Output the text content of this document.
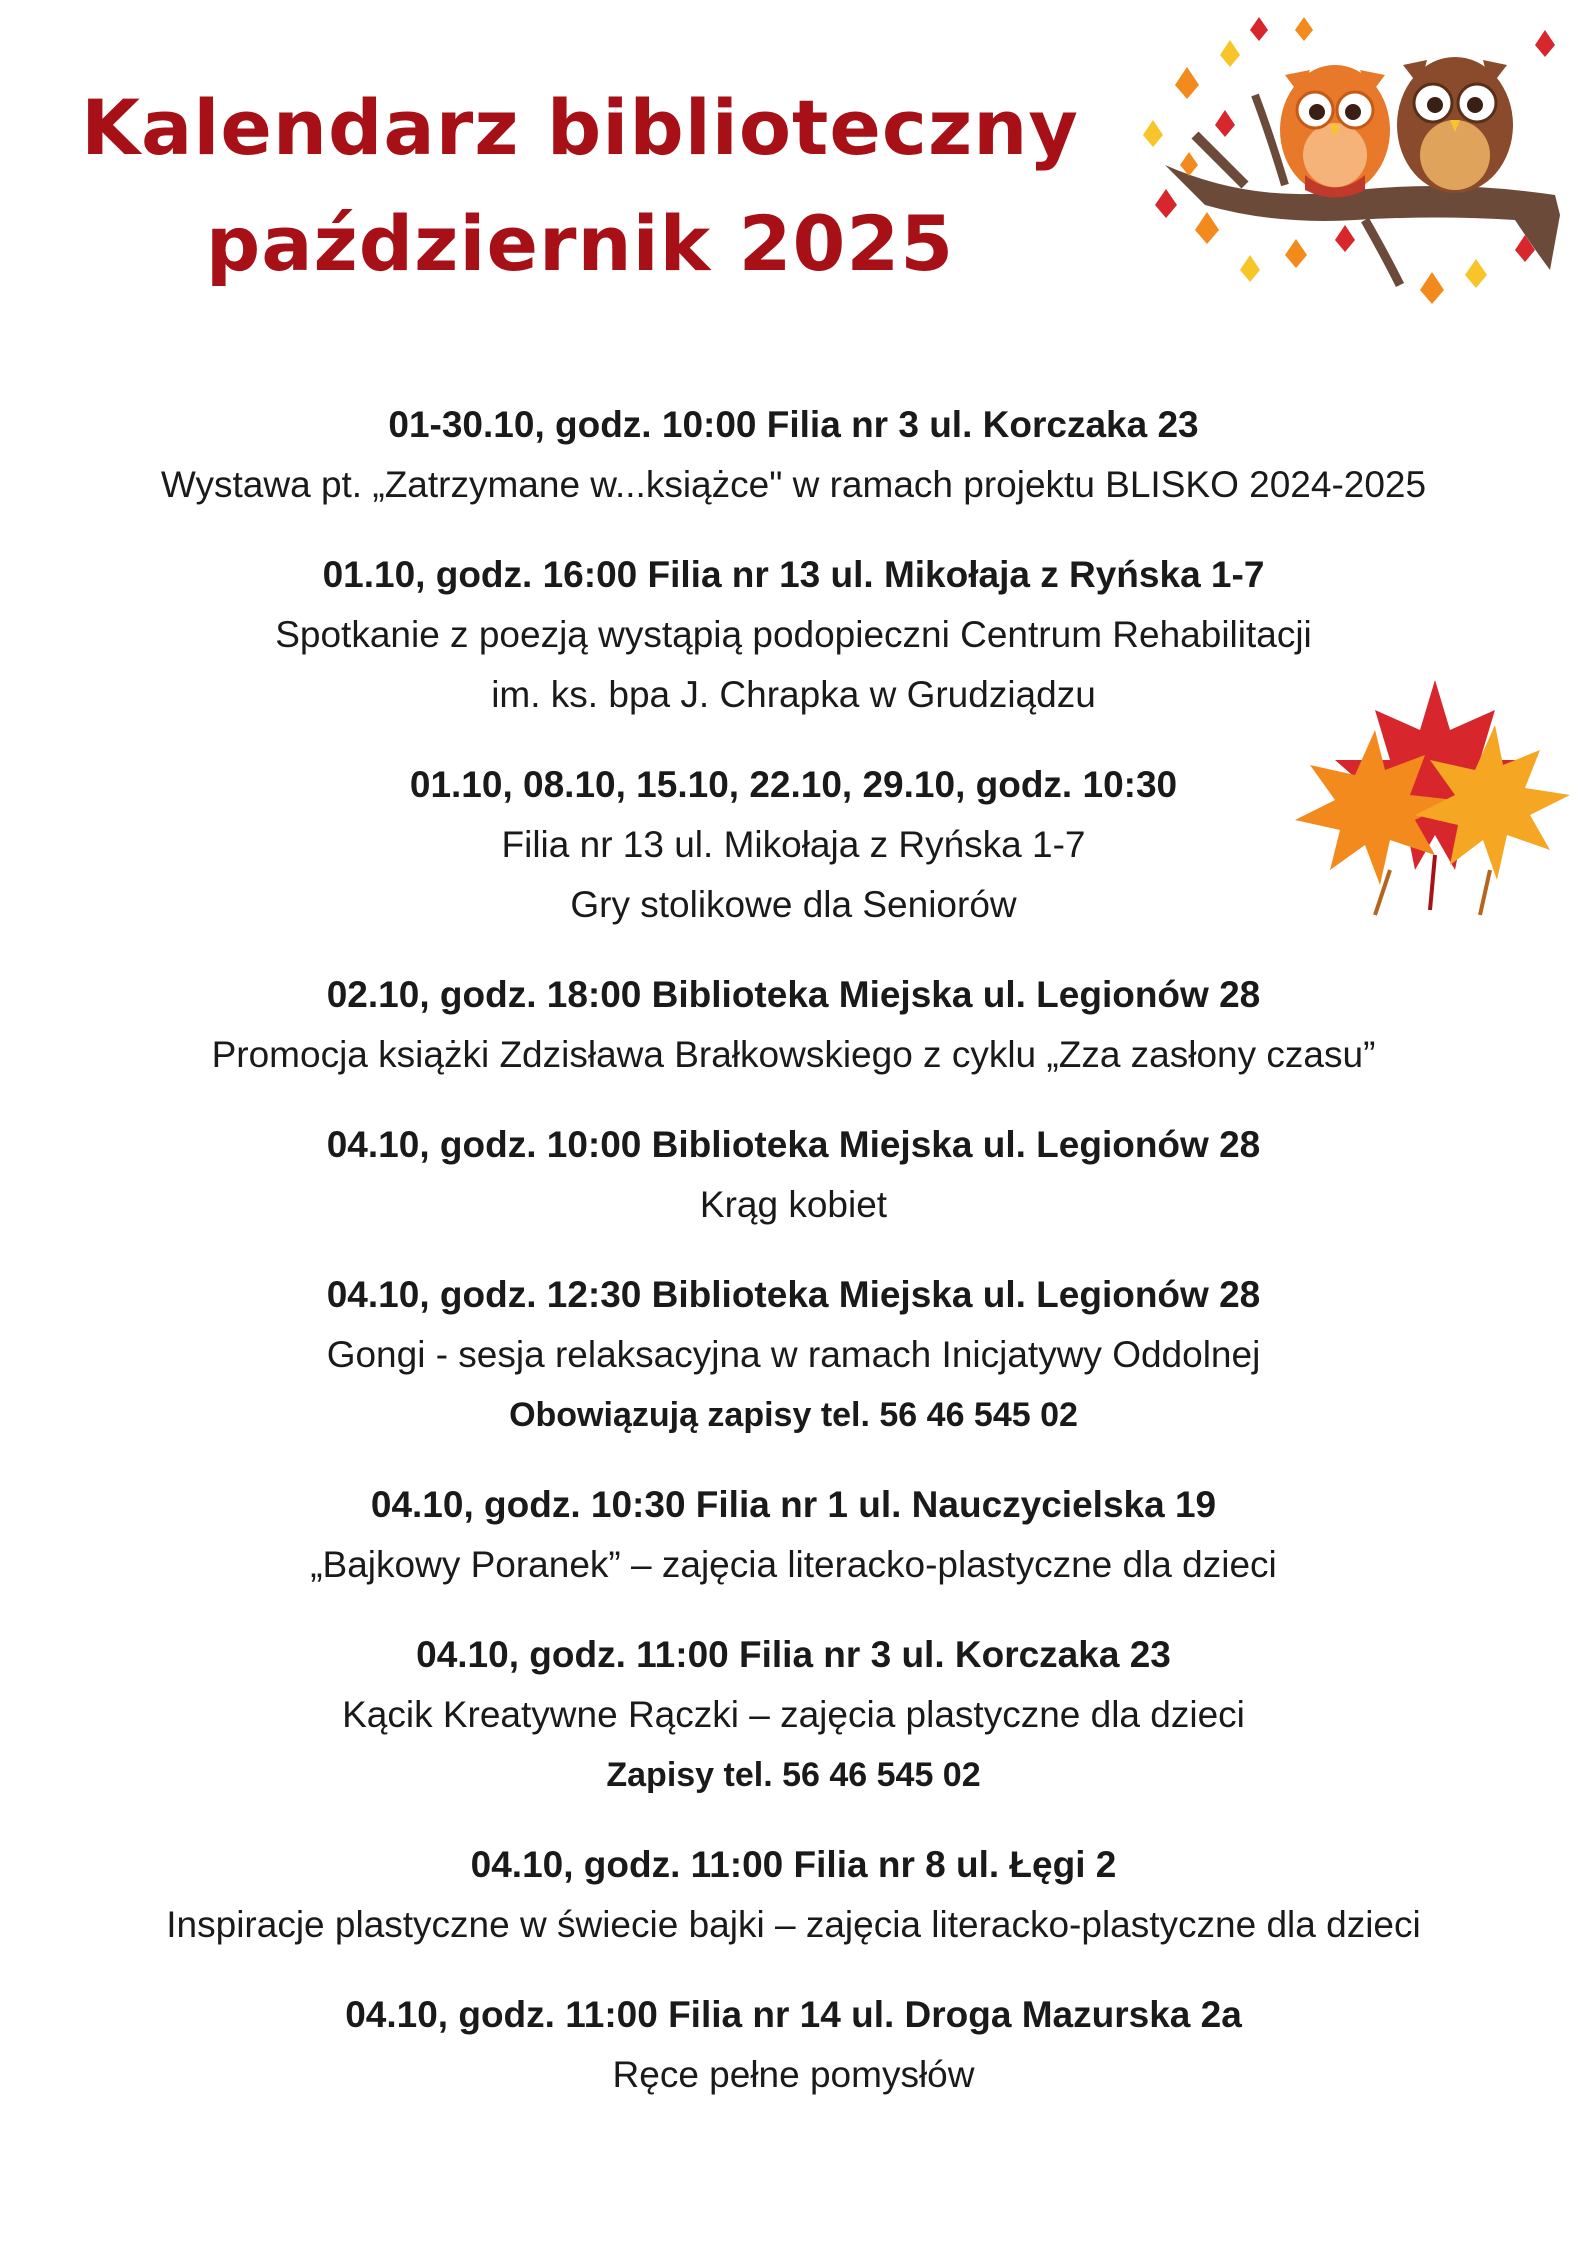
Kalendarz biblioteczny
październik 2025
01-30.10, godz. 10:00 Filia nr 3 ul. Korczaka 23
Wystawa pt. „Zatrzymane w...książce" w ramach projektu BLISKO 2024-2025
01.10, godz. 16:00 Filia nr 13 ul. Mikołaja z Ryńska 1-7
Spotkanie z poezją wystąpią podopieczni Centrum Rehabilitacji
im. ks. bpa J. Chrapka w Grudziądzu
01.10, 08.10, 15.10, 22.10, 29.10, godz. 10:30
Filia nr 13 ul. Mikołaja z Ryńska 1-7
Gry stolikowe dla Seniorów
02.10, godz. 18:00 Biblioteka Miejska ul. Legionów 28
Promocja książki Zdzisława Brałkowskiego z cyklu „Zza zasłony czasu”
04.10, godz. 10:00 Biblioteka Miejska ul. Legionów 28
Krąg kobiet
04.10, godz. 12:30 Biblioteka Miejska ul. Legionów 28
Gongi - sesja relaksacyjna w ramach Inicjatywy Oddolnej
Obowiązują zapisy tel. 56 46 545 02
04.10, godz. 10:30 Filia nr 1 ul. Nauczycielska 19
„Bajkowy Poranek” – zajęcia literacko-plastyczne dla dzieci
04.10, godz. 11:00 Filia nr 3 ul. Korczaka 23
Kącik Kreatywne Rączki – zajęcia plastyczne dla dzieci
Zapisy tel. 56 46 545 02
04.10, godz. 11:00 Filia nr 8 ul. Łęgi 2
Inspiracje plastyczne w świecie bajki – zajęcia literacko-plastyczne dla dzieci
04.10, godz. 11:00 Filia nr 14 ul. Droga Mazurska 2a
Ręce pełne pomysłów
